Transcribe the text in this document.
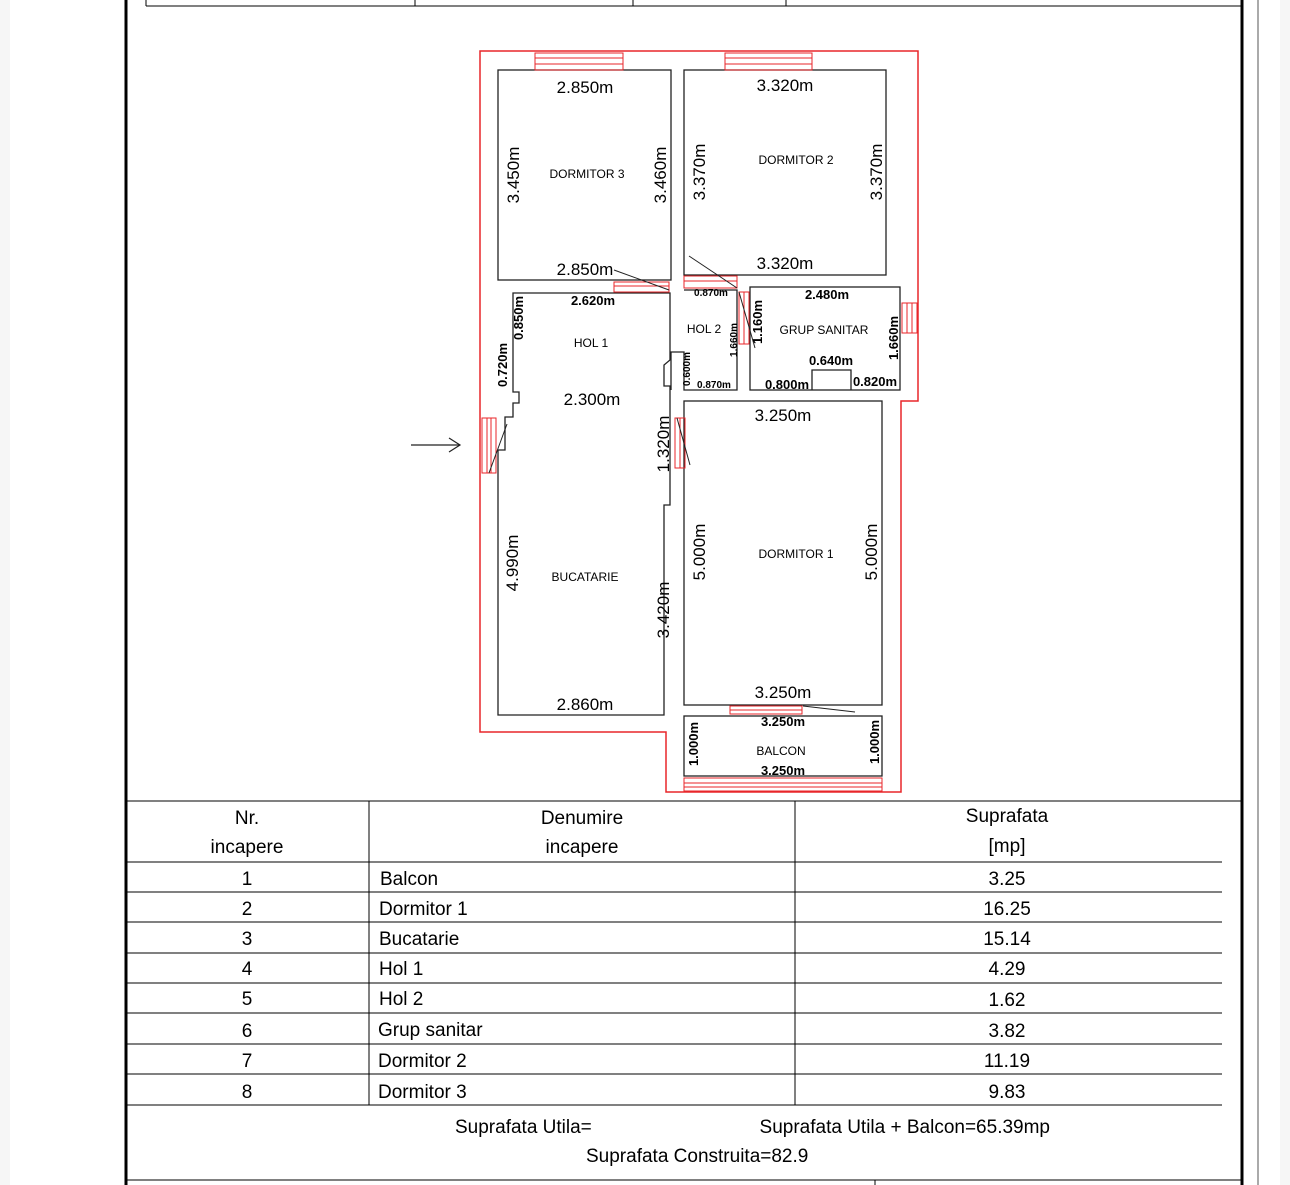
DORMITOR 3
DORMITOR 2
HOL 1
HOL 2	GRUP SANITAR
BUCATARIE
DORMITOR 1
BALCON
2.850m
2.850m
3.320m
3.320m
2.620m
2.300m
0.870m
0.870m
2.480m
0.640m
0.800m	0.820m
3.250m
3.250m
2.860m
3.250m
3.250m
3.450m	3.460m 3.370m	3.370m
0.850m
0.720m
1.660m
0.600m
1.160m	1.660m
1.320m
5.000m	5.000m
4.990m
3.420m
1.000m	1.000m
Nr.
incapere
Denumire
incapere
Suprafata
[mp]
1	Balcon	3.25
2	Dormitor 1	16.25
3	Bucatarie	15.14
4	Hol 1	4.29
5	Hol 2	1.62
6	Grup sanitar	3.82
7	Dormitor 2	11.19
8	Dormitor 3	9.83
Suprafata Utila=	Suprafata Utila + Balcon=65.39mp
Suprafata Construita=82.9
